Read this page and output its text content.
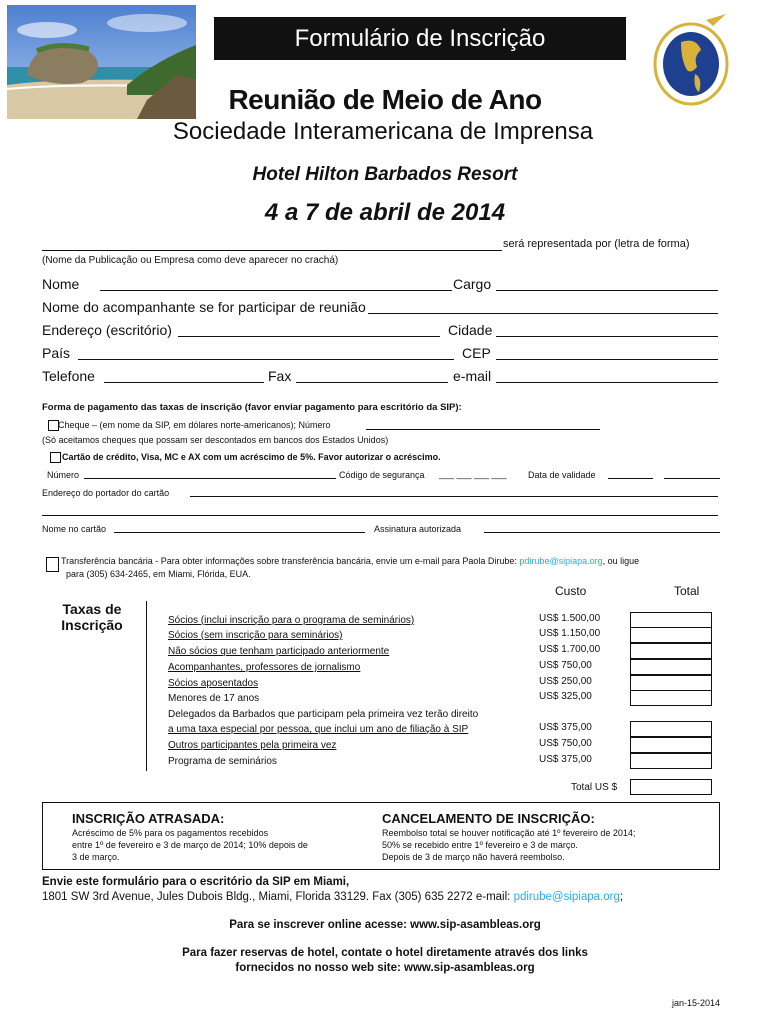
Formulário de Inscrição
Reunião de Meio de Ano
Sociedade Interamericana de Imprensa
Hotel Hilton Barbados Resort
4 a 7 de abril de 2014
será representada por (letra de forma)
(Nome da Publicação ou Empresa como deve aparecer no crachá)
Nome	Cargo
Nome do acompanhante se for participar de reunião
Endereço (escritório)	Cidade
País	CEP
Telefone	Fax	e-mail
Forma de pagamento das taxas de inscrição (favor enviar pagamento para escritório da SIP):
Cheque – (em nome da SIP, em dólares norte-americanos); Número
(Só aceitamos cheques que possam ser descontados em bancos dos Estados Unidos)
Cartão de crédito, Visa, MC e AX com um acréscimo de 5%. Favor autorizar o acréscimo.
Número	Código de segurança ___ ___ ___ ___ Data de validade
Endereço do portador do cartão
Nome no cartão	Assinatura autorizada
Transferência bancária - Para obter informações sobre transferência bancária, envie um e-mail para Paola Dirube: pdirube@sipiapa.org, ou ligue
para (305) 634-2465, em Miami, Flórida, EUA.
Custo	Total
Taxas de
Inscrição	Sócios (inclui inscrição para o programa de seminários)	US$ 1.500,00
Sócios (sem inscrição para seminários)	US$ 1.150,00
Não sócios que tenham participado anteriormente	US$ 1.700,00
Acompanhantes, professores de jornalismo	US$ 750,00
Sócios aposentados	US$ 250,00
Menores de 17 anos	US$ 325,00
Delegados da Barbados que participam pela primeira vez terão direito
a uma taxa especial por pessoa, que inclui um ano de filiação à SIP	US$ 375,00
Outros participantes pela primeira vez	US$ 750,00
Programa de seminários	US$ 375,00
Total US $
INSCRIÇÃO ATRASADA:
Acréscimo de 5% para os pagamentos recebidos
entre 1º de fevereiro e 3 de março de 2014; 10% depois de
3 de março.
CANCELAMENTO DE INSCRIÇÃO:
Reembolso total se houver notificação até 1º fevereiro de 2014;
50% se recebido entre 1º fevereiro e 3 de março.
Depois de 3 de março não haverá reembolso.
Envie este formulário para o escritório da SIP em Miami,
1801 SW 3rd Avenue, Jules Dubois Bldg., Miami, Florida 33129. Fax (305) 635 2272 e-mail: pdirube@sipiapa.org;
Para se inscrever online acesse: www.sip-asambleas.org
Para fazer reservas de hotel, contate o hotel diretamente através dos links
fornecidos no nosso web site: www.sip-asambleas.org
jan-15-2014
